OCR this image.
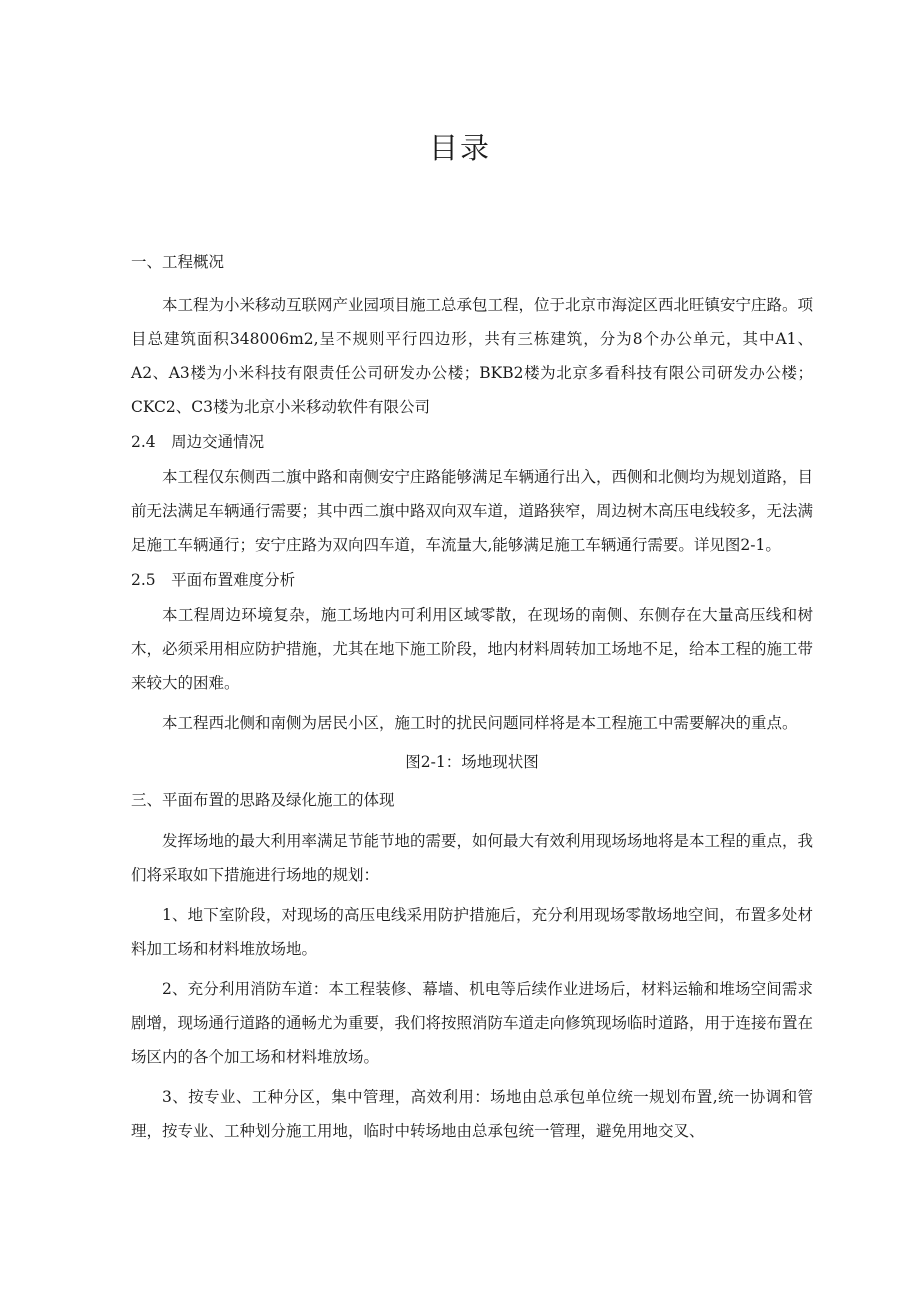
目录

一、工程概况

本工程为小米移动互联网产业园项目施工总承包工程，位于北京市海淀区西北旺镇安宁庄路。项目总建筑面积348006m2,呈不规则平行四边形，共有三栋建筑，分为8个办公单元，其中A1、A2、A3楼为小米科技有限责任公司研发办公楼；BKB2楼为北京多看科技有限公司研发办公楼；CKC2、C3楼为北京小米移动软件有限公司

2.4　周边交通情况

本工程仅东侧西二旗中路和南侧安宁庄路能够满足车辆通行出入，西侧和北侧均为规划道路，目前无法满足车辆通行需要；其中西二旗中路双向双车道，道路狭窄，周边树木高压电线较多，无法满足施工车辆通行；安宁庄路为双向四车道，车流量大,能够满足施工车辆通行需要。详见图2-1。

2.5　平面布置难度分析

本工程周边环境复杂，施工场地内可利用区域零散，在现场的南侧、东侧存在大量高压线和树木，必须采用相应防护措施，尤其在地下施工阶段，地内材料周转加工场地不足，给本工程的施工带来较大的困难。

本工程西北侧和南侧为居民小区，施工时的扰民问题同样将是本工程施工中需要解决的重点。

图2-1：场地现状图

三、平面布置的思路及绿化施工的体现

发挥场地的最大利用率满足节能节地的需要，如何最大有效利用现场场地将是本工程的重点，我们将采取如下措施进行场地的规划：

1、地下室阶段，对现场的高压电线采用防护措施后，充分利用现场零散场地空间，布置多处材料加工场和材料堆放场地。

2、充分利用消防车道：本工程装修、幕墙、机电等后续作业进场后，材料运输和堆场空间需求剧增，现场通行道路的通畅尤为重要，我们将按照消防车道走向修筑现场临时道路，用于连接布置在场区内的各个加工场和材料堆放场。

3、按专业、工种分区，集中管理，高效利用：场地由总承包单位统一规划布置,统一协调和管理，按专业、工种划分施工用地，临时中转场地由总承包统一管理，避免用地交叉、
